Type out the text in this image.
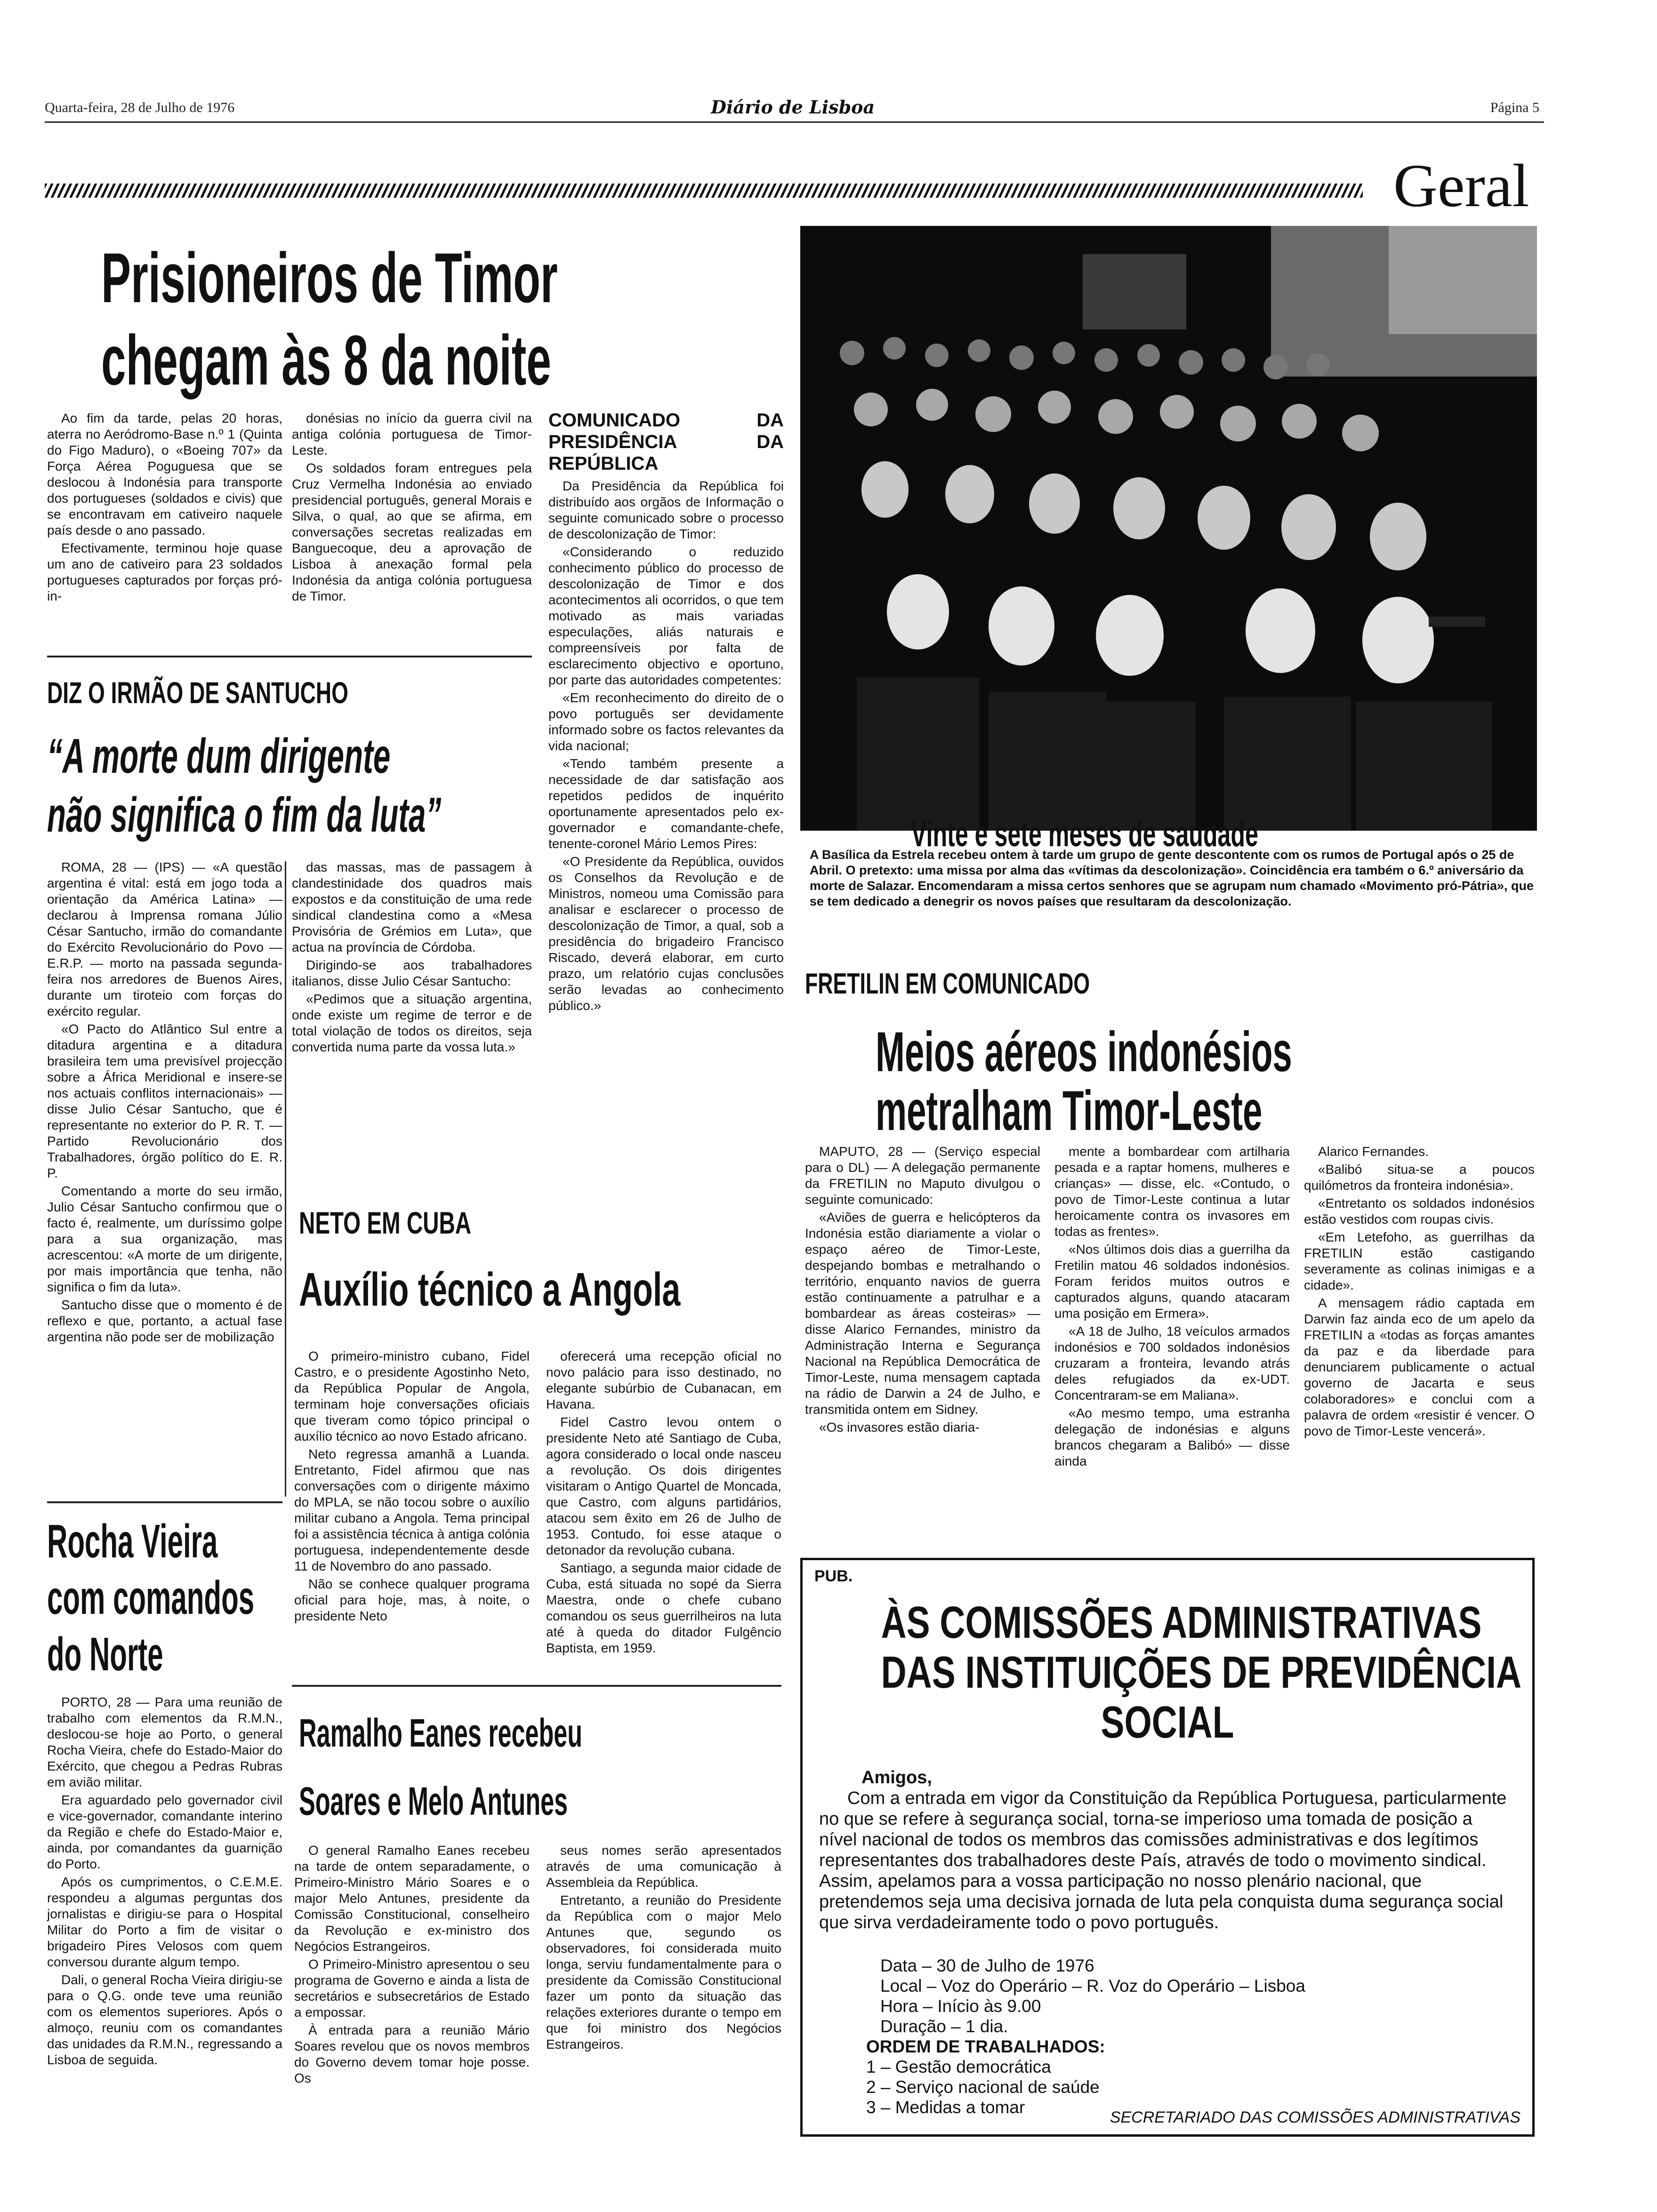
Quarta-feira, 28 de Julho de 1976	Diário de Lisboa	Página 5
Geral
Prisioneiros de Timor
chegam às 8 da noite

Ao fim da tarde, pelas 20 horas, aterra no Aeródromo-Base n.º 1 (Quinta do Figo Maduro), o «Boeing 707» da Força Aérea Poguguesa que se deslocou à Indonésia para transporte dos portugueses (soldados e civis) que se encontravam em cativeiro naquele país desde o ano passado.

Efectivamente, terminou hoje quase um ano de cativeiro para 23 soldados portugueses capturados por forças pró-in-

donésias no início da guerra civil na antiga colónia portuguesa de Timor-Leste.

Os soldados foram entregues pela Cruz Vermelha Indonésia ao enviado presidencial português, general Morais e Silva, o qual, ao que se afirma, em conversações secretas realizadas em Banguecoque, deu a aprovação de Lisboa à anexação formal pela Indonésia da antiga colónia portuguesa de Timor.

COMUNICADO DA PRESIDÊNCIA DA REPÚBLICA

Da Presidência da República foi distribuído aos orgãos de Informação o seguinte comunicado sobre o processo de descolonização de Timor:

«Considerando o reduzido conhecimento público do processo de descolonização de Timor e dos acontecimentos ali ocorridos, o que tem motivado as mais variadas especulações, aliás naturais e compreensíveis por falta de esclarecimento objectivo e oportuno, por parte das autoridades competentes:

«Em reconhecimento do direito de o povo português ser devidamente informado sobre os factos relevantes da vida nacional;

«Tendo também presente a necessidade de dar satisfação aos repetidos pedidos de inquérito oportunamente apresentados pelo ex-governador e comandante-chefe, tenente-coronel Mário Lemos Pires:

«O Presidente da República, ouvidos os Conselhos da Revolução e de Ministros, nomeou uma Comissão para analisar e esclarecer o processo de descolonização de Timor, a qual, sob a presidência do brigadeiro Francisco Riscado, deverá elaborar, em curto prazo, um relatório cujas conclusões serão levadas ao conhecimento público.»

DIZ O IRMÃO DE SANTUCHO
“A morte dum dirigente
não significa o fim da luta”

ROMA, 28 — (IPS) — «A questão argentina é vital: está em jogo toda a orientação da América Latina» — declarou à Imprensa romana Júlio César Santucho, irmão do comandante do Exército Revolucionário do Povo — E.R.P. — morto na passada segunda-feira nos arredores de Buenos Aires, durante um tiroteio com forças do exército regular.

«O Pacto do Atlântico Sul entre a ditadura argentina e a ditadura brasileira tem uma previsível projecção sobre a África Meridional e insere-se nos actuais conflitos internacionais» — disse Julio César Santucho, que é representante no exterior do P. R. T. — Partido Revolucionário dos Trabalhadores, órgão político do E. R. P.

Comentando a morte do seu irmão, Julio César Santucho confirmou que o facto é, realmente, um duríssimo golpe para a sua organização, mas acrescentou: «A morte de um dirigente, por mais importância que tenha, não significa o fim da luta».

Santucho disse que o momento é de reflexo e que, portanto, a actual fase argentina não pode ser de mobilização

das massas, mas de passagem à clandestinidade dos quadros mais expostos e da constituição de uma rede sindical clandestina como a «Mesa Provisória de Grémios em Luta», que actua na província de Córdoba.

Dirigindo-se aos trabalhadores italianos, disse Julio César Santucho:

«Pedimos que a situação argentina, onde existe um regime de terror e de total violação de todos os direitos, seja convertida numa parte da vossa luta.»

Rocha Vieira
com comandos
do Norte

PORTO, 28 — Para uma reunião de trabalho com elementos da R.M.N., deslocou-se hoje ao Porto, o general Rocha Vieira, chefe do Estado-Maior do Exército, que chegou a Pedras Rubras em avião militar.

Era aguardado pelo governador civil e vice-governador, comandante interino da Região e chefe do Estado-Maior e, ainda, por comandantes da guarnição do Porto.

Após os cumprimentos, o C.E.M.E. respondeu a algumas perguntas dos jornalistas e dirigiu-se para o Hospital Militar do Porto a fim de visitar o brigadeiro Pires Velosos com quem conversou durante algum tempo.

Dali, o general Rocha Vieira dirigiu-se para o Q.G. onde teve uma reunião com os elementos superiores. Após o almoço, reuniu com os comandantes das unidades da R.M.N., regressando a Lisboa de seguida.

NETO EM CUBA
Auxílio técnico a Angola

O primeiro-ministro cubano, Fidel Castro, e o presidente Agostinho Neto, da República Popular de Angola, terminam hoje conversações oficiais que tiveram como tópico principal o auxílio técnico ao novo Estado africano.

Neto regressa amanhã a Luanda. Entretanto, Fidel afirmou que nas conversações com o dirigente máximo do MPLA, se não tocou sobre o auxílio militar cubano a Angola. Tema principal foi a assistência técnica à antiga colónia portuguesa, independentemente desde 11 de Novembro do ano passado.

Não se conhece qualquer programa oficial para hoje, mas, à noite, o presidente Neto

oferecerá uma recepção oficial no novo palácio para isso destinado, no elegante subúrbio de Cubanacan, em Havana.

Fidel Castro levou ontem o presidente Neto até Santiago de Cuba, agora considerado o local onde nasceu a revolução. Os dois dirigentes visitaram o Antigo Quartel de Moncada, que Castro, com alguns partidários, atacou sem êxito em 26 de Julho de 1953. Contudo, foi esse ataque o detonador da revolução cubana.

Santiago, a segunda maior cidade de Cuba, está situada no sopé da Sierra Maestra, onde o chefe cubano comandou os seus guerrilheiros na luta até à queda do ditador Fulgêncio Baptista, em 1959.

Ramalho Eanes recebeu
Soares e Melo Antunes

O general Ramalho Eanes recebeu na tarde de ontem separadamente, o Primeiro-Ministro Mário Soares e o major Melo Antunes, presidente da Comissão Constitucional, conselheiro da Revolução e ex-ministro dos Negócios Estrangeiros.

O Primeiro-Ministro apresentou o seu programa de Governo e ainda a lista de secretários e subsecretários de Estado a empossar.

À entrada para a reunião Mário Soares revelou que os novos membros do Governo devem tomar hoje posse. Os

seus nomes serão apresentados através de uma comunicação à Assembleia da República.

Entretanto, a reunião do Presidente da República com o major Melo Antunes que, segundo os observadores, foi considerada muito longa, serviu fundamentalmente para o presidente da Comissão Constitucional fazer um ponto da situação das relações exteriores durante o tempo em que foi ministro dos Negócios Estrangeiros.

Vinte e sete meses de saudade
A Basílica da Estrela recebeu ontem à tarde um grupo de gente descontente com os rumos de Portugal após o 25 de Abril. O pretexto: uma missa por alma das «vítimas da descolonização». Coincidência era também o 6.º aniversário da morte de Salazar. Encomendaram a missa certos senhores que se agrupam num chamado «Movimento pró-Pátria», que se tem dedicado a denegrir os novos países que resultaram da descolonização.
FRETILIN EM COMUNICADO
Meios aéreos indonésios
metralham Timor-Leste

MAPUTO, 28 — (Serviço especial para o DL) — A delegação permanente da FRETILIN no Maputo divulgou o seguinte comunicado:

«Aviões de guerra e helicópteros da Indonésia estão diariamente a violar o espaço aéreo de Timor-Leste, despejando bombas e metralhando o território, enquanto navios de guerra estão continuamente a patrulhar e a bombardear as áreas costeiras» — disse Alarico Fernandes, ministro da Administração Interna e Segurança Nacional na República Democrática de Timor-Leste, numa mensagem captada na rádio de Darwin a 24 de Julho, e transmitida ontem em Sidney.

«Os invasores estão diaria-

mente a bombardear com artilharia pesada e a raptar homens, mulheres e crianças» — disse, elc. «Contudo, o povo de Timor-Leste continua a lutar heroicamente contra os invasores em todas as frentes».

«Nos últimos dois dias a guerrilha da Fretilin matou 46 soldados indonésios. Foram feridos muitos outros e capturados alguns, quando atacaram uma posição em Ermera».

«A 18 de Julho, 18 veículos armados indonésios e 700 soldados indonésios cruzaram a fronteira, levando atrás deles refugiados da ex-UDT. Concentraram-se em Maliana».

«Ao mesmo tempo, uma estranha delegação de indonésias e alguns brancos chegaram a Balibó» — disse ainda

Alarico Fernandes.

«Balibó situa-se a poucos quilómetros da fronteira indonésia».

«Entretanto os soldados indonésios estão vestidos com roupas civis.

«Em Letefoho, as guerrilhas da FRETILIN estão castigando severamente as colinas inimigas e a cidade».

A mensagem rádio captada em Darwin faz ainda eco de um apelo da FRETILIN a «todas as forças amantes da paz e da liberdade para denunciarem publicamente o actual governo de Jacarta e seus colaboradores» e conclui com a palavra de ordem «resistir é vencer. O povo de Timor-Leste vencerá».

PUB.
ÀS COMISSÕES ADMINISTRATIVAS
DAS INSTITUIÇÕES DE PREVIDÊNCIA
SOCIAL

Amigos,

Com a entrada em vigor da Constituição da República Portuguesa, particularmente no que se refere à segurança social, torna-se imperioso uma tomada de posição a nível nacional de todos os membros das comissões administrativas e dos legítimos representantes dos trabalhadores deste País, através de todo o movimento sindical. Assim, apelamos para a vossa participação no nosso plenário nacional, que pretendemos seja uma decisiva jornada de luta pela conquista duma segurança social que sirva verdadeiramente todo o povo português.

Data – 30 de Julho de 1976
Local – Voz do Operário – R. Voz do Operário – Lisboa
Hora – Início às 9.00
Duração – 1 dia.
ORDEM DE TRABALHADOS:
1 – Gestão democrática
2 – Serviço nacional de saúde
3 – Medidas a tomar
SECRETARIADO DAS COMISSÕES ADMINISTRATIVAS
